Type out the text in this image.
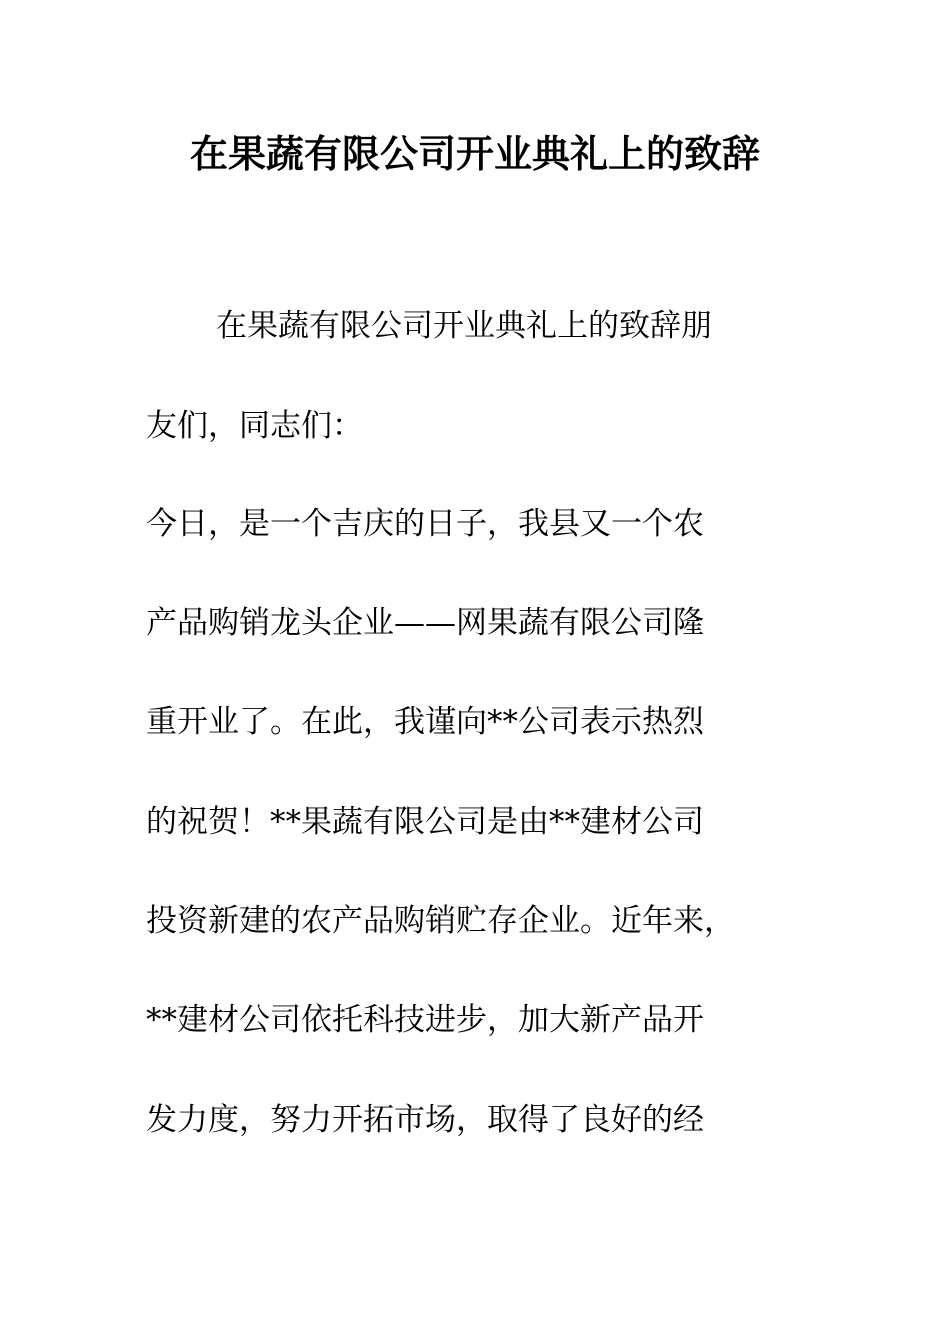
在果蔬有限公司开业典礼上的致辞
在果蔬有限公司开业典礼上的致辞朋
友们，同志们：
今日，是一个吉庆的日子，我县又一个农
产品购销龙头企业——网果蔬有限公司隆
重开业了。在此，我谨向**公司表示热烈
的祝贺！**果蔬有限公司是由**建材公司
投资新建的农产品购销贮存企业。近年来，
**建材公司依托科技进步，加大新产品开
发力度，努力开拓市场，取得了良好的经
